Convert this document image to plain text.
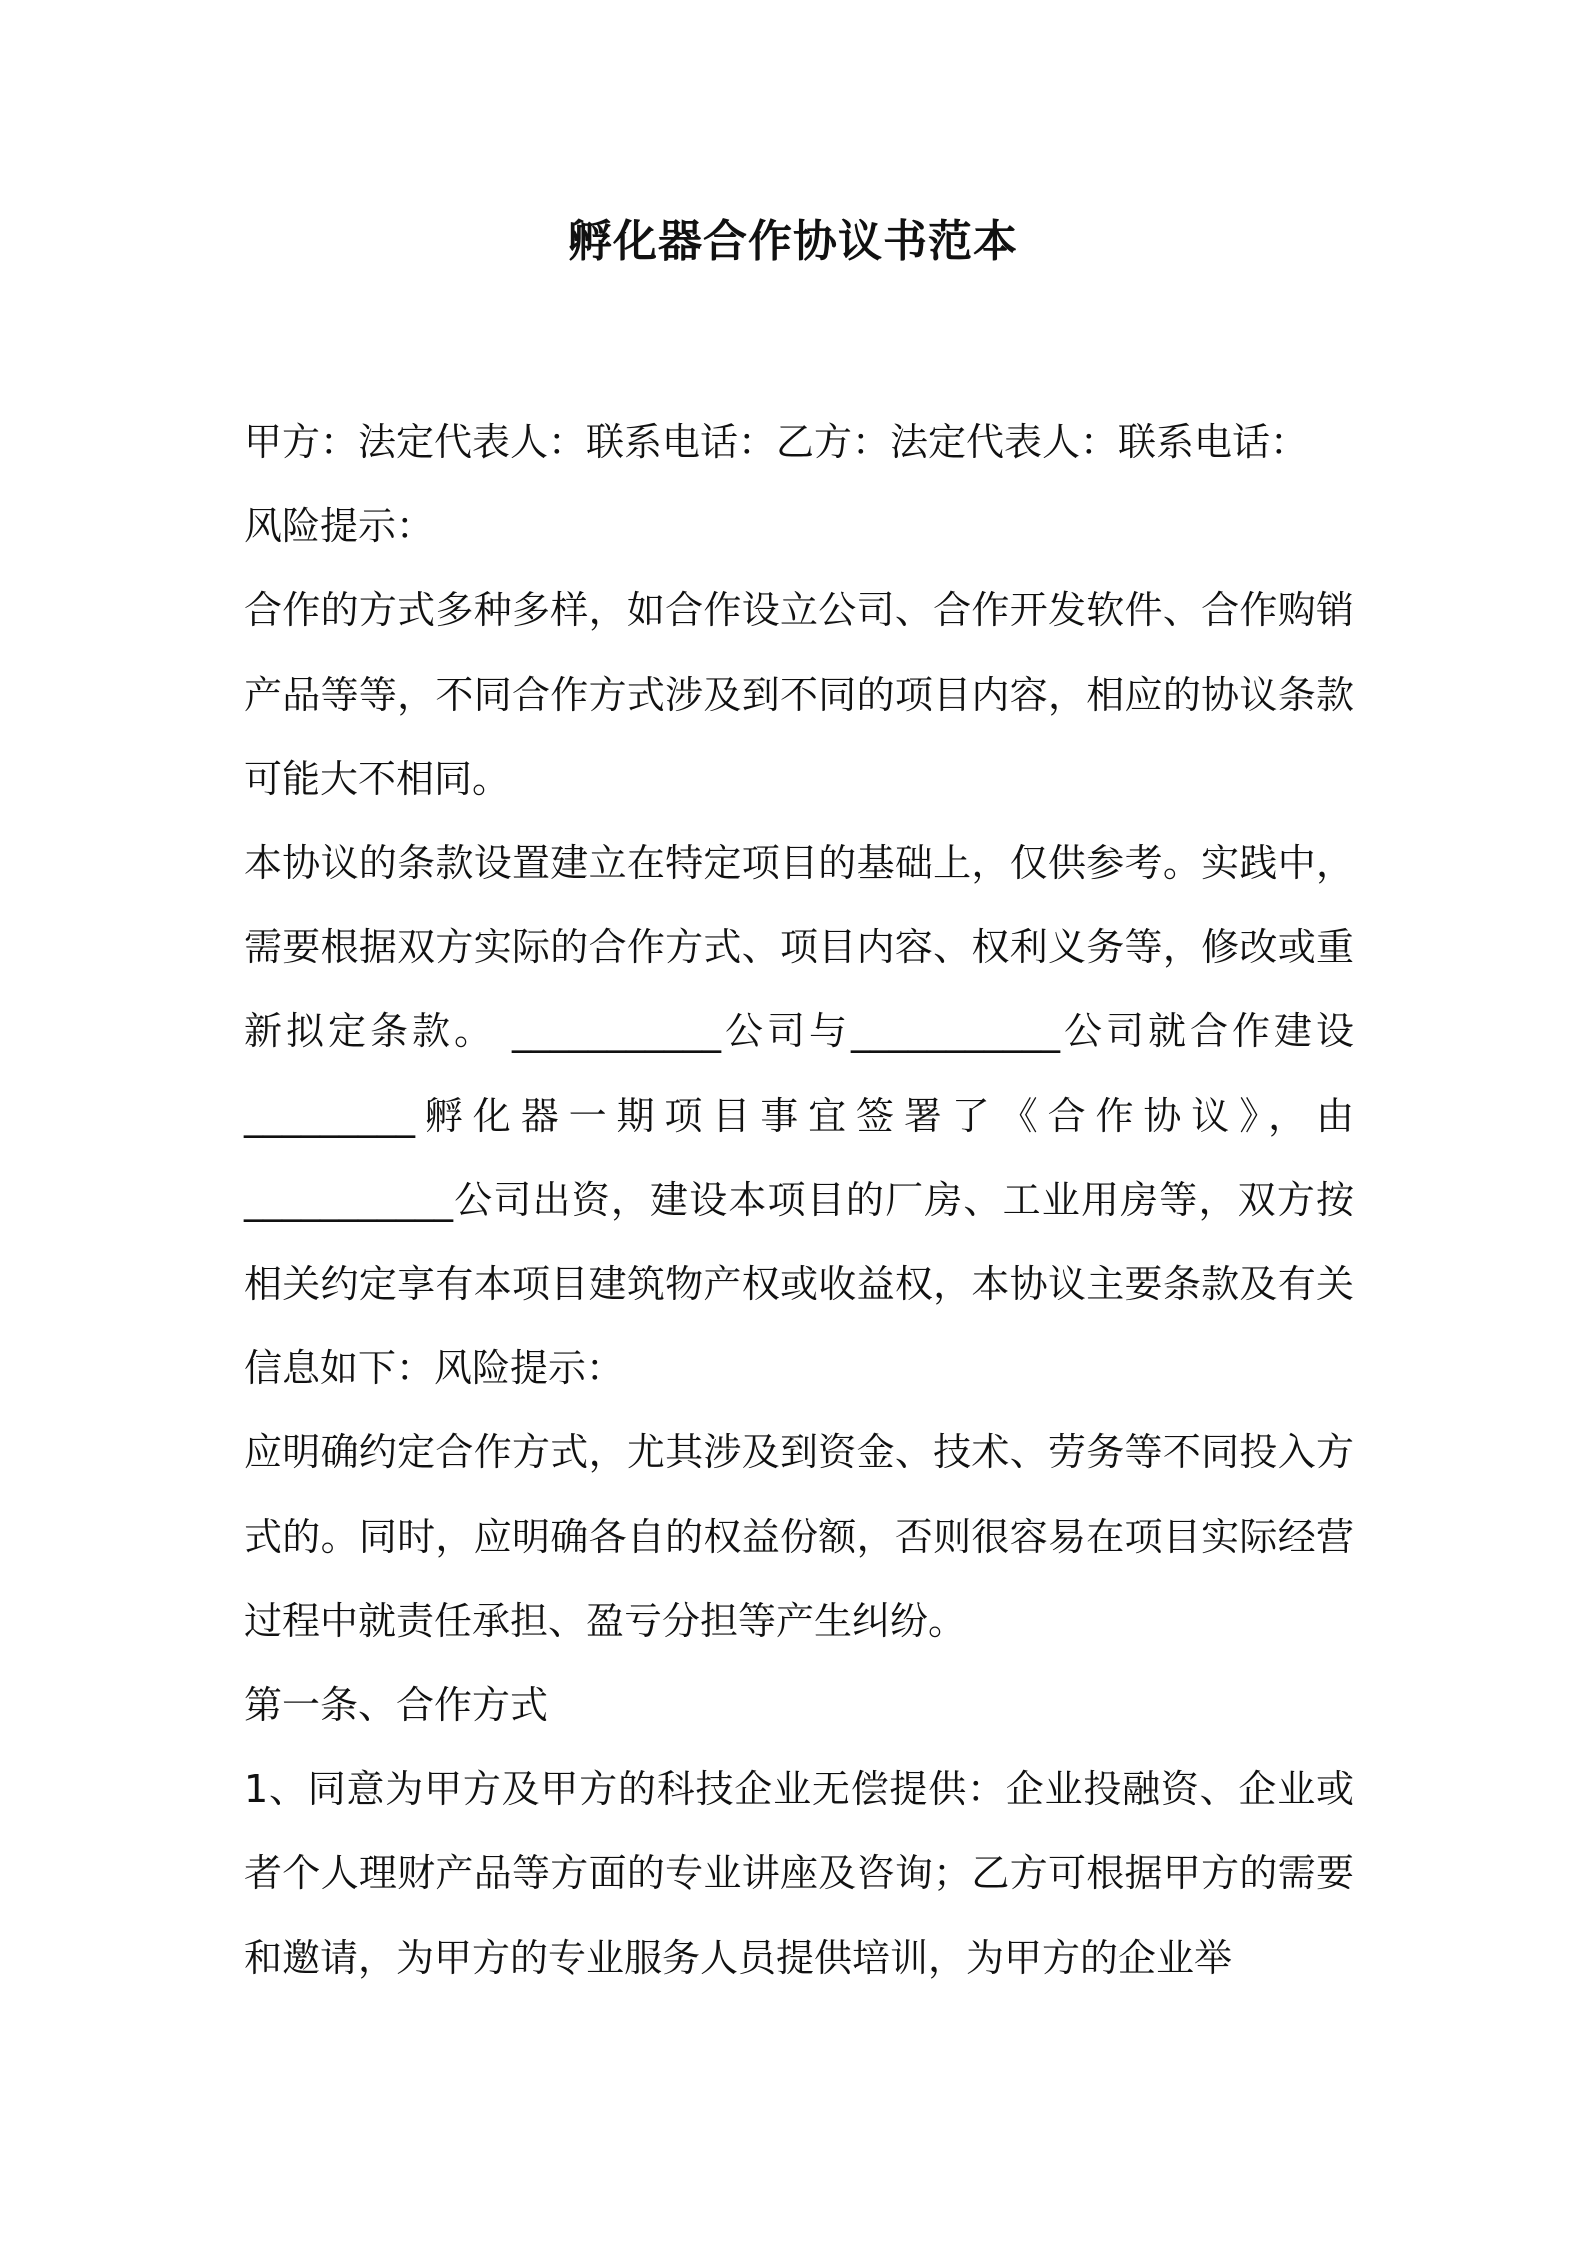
孵化器合作协议书范本

甲方：法定代表人：联系电话：乙方：法定代表人：联系电话：

风险提示：

合作的方式多种多样，如合作设立公司、合作开发软件、合作购销产品等等，不同合作方式涉及到不同的项目内容，相应的协议条款可能大不相同。

本协议的条款设置建立在特定项目的基础上，仅供参考。实践中，需要根据双方实际的合作方式、项目内容、权利义务等，修改或重新拟定条款。 ___________公司与___________公司就合作建设 _________孵化器一期项目事宜签署了《合作协议》，由 ___________公司出资，建设本项目的厂房、工业用房等，双方按相关约定享有本项目建筑物产权或收益权，本协议主要条款及有关信息如下：风险提示：

应明确约定合作方式，尤其涉及到资金、技术、劳务等不同投入方式的。同时，应明确各自的权益份额，否则很容易在项目实际经营过程中就责任承担、盈亏分担等产生纠纷。

第一条、合作方式

1、同意为甲方及甲方的科技企业无偿提供：企业投融资、企业或者个人理财产品等方面的专业讲座及咨询；乙方可根据甲方的需要和邀请，为甲方的专业服务人员提供培训，为甲方的企业举
